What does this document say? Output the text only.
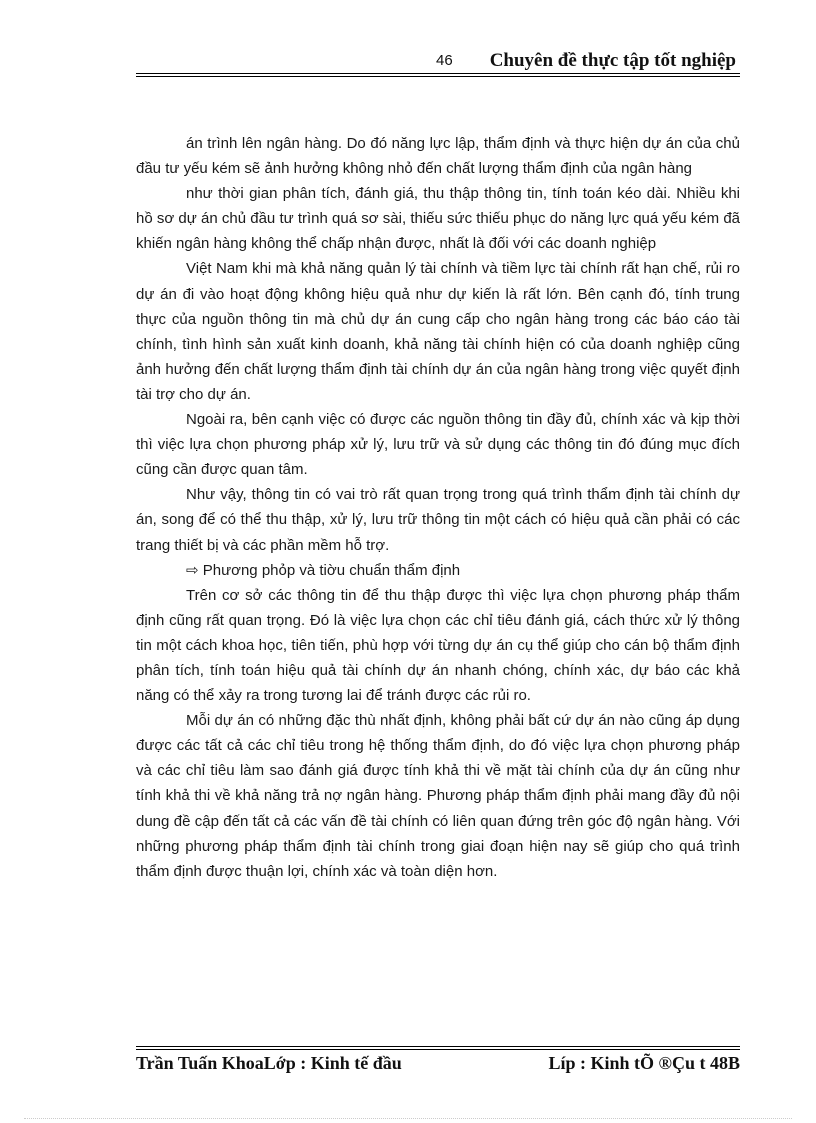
46 Chuyên đề thực tập tốt nghiệp

án trình lên ngân hàng. Do đó năng lực lập, thẩm định và thực hiện dự án của chủ đầu tư yếu kém sẽ ảnh hưởng không nhỏ đến chất lượng thẩm định của ngân hàng

như thời gian phân tích, đánh giá, thu thập thông tin, tính toán kéo dài. Nhiều khi hồ sơ dự án chủ đầu tư trình quá sơ sài, thiếu sức thiếu phục do năng lực quá yếu kém đã khiến ngân hàng không thể chấp nhận được, nhất là đối với các doanh nghiệp

Việt Nam khi mà khả năng quản lý tài chính và tiềm lực tài chính rất hạn chế, rủi ro dự án đi vào hoạt động không hiệu quả như dự kiến là rất lớn. Bên cạnh đó, tính trung thực của nguồn thông tin mà chủ dự án cung cấp cho ngân hàng trong các báo cáo tài chính, tình hình sản xuất kinh doanh, khả năng tài chính hiện có của doanh nghiệp cũng ảnh hưởng đến chất lượng thẩm định tài chính dự án của ngân hàng trong việc quyết định tài trợ cho dự án.

Ngoài ra, bên cạnh việc có được các nguồn thông tin đầy đủ, chính xác và kịp thời thì việc lựa chọn phương pháp xử lý, lưu trữ và sử dụng các thông tin đó đúng mục đích cũng cần được quan tâm.

Như vậy, thông tin có vai trò rất quan trọng trong quá trình thẩm định tài chính dự án, song để có thể thu thập, xử lý, lưu trữ thông tin một cách có hiệu quả cần phải có các trang thiết bị và các phần mềm hỗ trợ.

⇨ Phương phỏp và tiờu chuẩn thẩm định

Trên cơ sở các thông tin để thu thập được thì việc lựa chọn phương pháp thẩm định cũng rất quan trọng. Đó là việc lựa chọn các chỉ tiêu đánh giá, cách thức xử lý thông tin một cách khoa học, tiên tiến, phù hợp với từng dự án cụ thể giúp cho cán bộ thẩm định phân tích, tính toán hiệu quả tài chính dự án nhanh chóng, chính xác, dự báo các khả năng có thể xảy ra trong tương lai để tránh được các rủi ro.

Mỗi dự án có những đặc thù nhất định, không phải bất cứ dự án nào cũng áp dụng được các tất cả các chỉ tiêu trong hệ thống thẩm định, do đó việc lựa chọn phương pháp và các chỉ tiêu làm sao đánh giá được tính khả thi về mặt tài chính của dự án cũng như tính khả thi về khả năng trả nợ ngân hàng. Phương pháp thẩm định phải mang đầy đủ nội dung đề cập đến tất cả các vấn đề tài chính có liên quan đứng trên góc độ ngân hàng. Với những phương pháp thẩm định tài chính trong giai đoạn hiện nay sẽ giúp cho quá trình thẩm định được thuận lợi, chính xác và toàn diện hơn.

Trần Tuấn KhoaLớp : Kinh tế đầu	Líp : Kinh tÕ ®Çu t 48B
